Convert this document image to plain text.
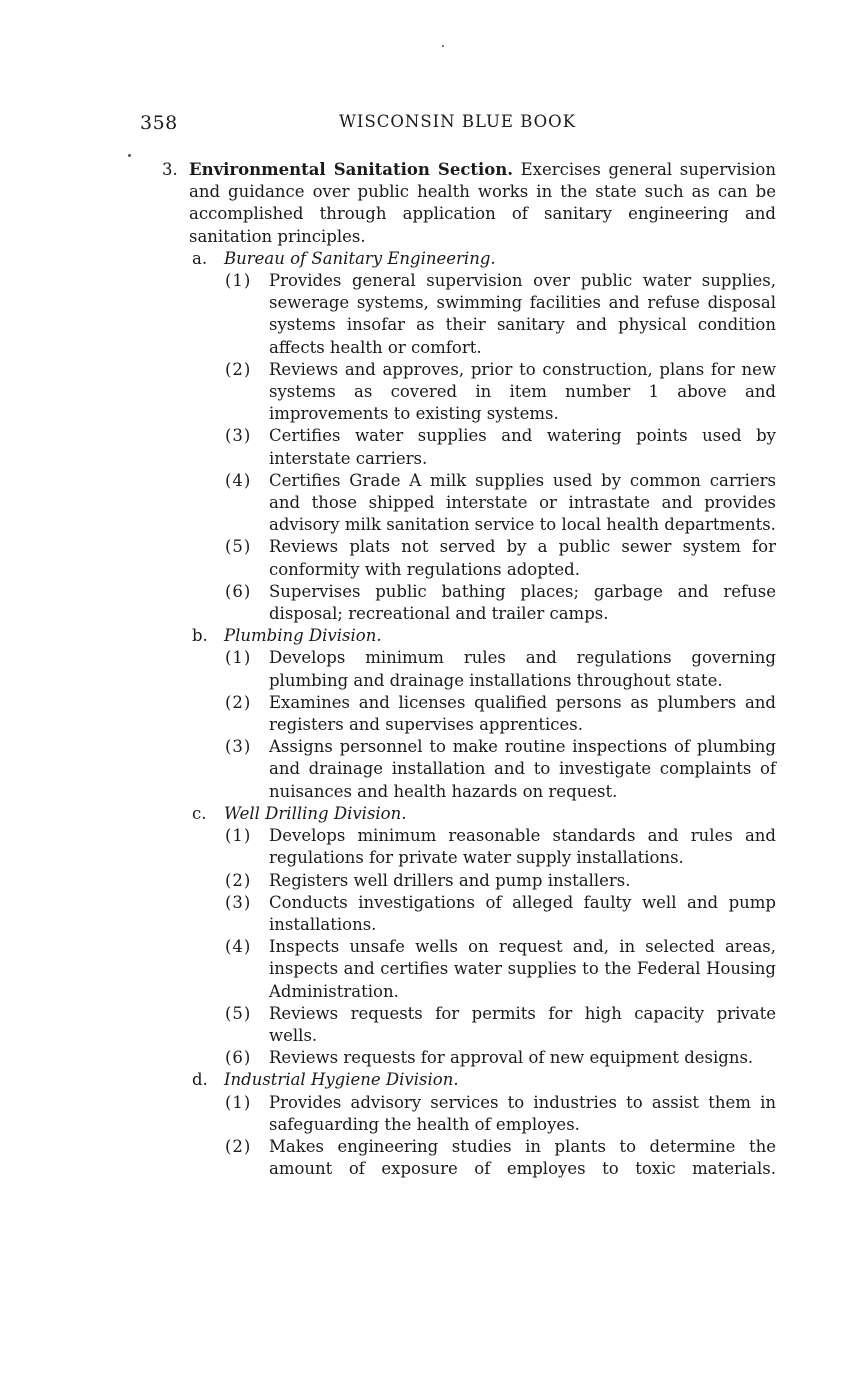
358	WISCONSIN BLUE BOOK

3. Environmental Sanitation Section. Exercises general supervision and guidance over public health works in the state such as can be accomplished through application of sanitary engineering and sanitation principles.

a. Bureau of Sanitary Engineering.

(1) Provides general supervision over public water supplies, sewerage systems, swimming facilities and refuse disposal systems insofar as their sanitary and physical condition affects health or comfort.

(2) Reviews and approves, prior to construction, plans for new systems as covered in item number 1 above and improvements to existing systems.

(3) Certifies water supplies and watering points used by interstate carriers.

(4) Certifies Grade A milk supplies used by common carriers and those shipped interstate or intrastate and provides advisory milk sanitation service to local health departments.

(5) Reviews plats not served by a public sewer system for conformity with regulations adopted.

(6) Supervises public bathing places; garbage and refuse disposal; recreational and trailer camps.

b. Plumbing Division.

(1) Develops minimum rules and regulations governing plumbing and drainage installations throughout state.

(2) Examines and licenses qualified persons as plumbers and registers and supervises apprentices.

(3) Assigns personnel to make routine inspections of plumbing and drainage installation and to investigate complaints of nuisances and health hazards on request.

c. Well Drilling Division.

(1) Develops minimum reasonable standards and rules and regulations for private water supply installations.

(2) Registers well drillers and pump installers.

(3) Conducts investigations of alleged faulty well and pump installations.

(4) Inspects unsafe wells on request and, in selected areas, inspects and certifies water supplies to the Federal Housing Administration.

(5) Reviews requests for permits for high capacity private wells.

(6) Reviews requests for approval of new equipment designs.

d. Industrial Hygiene Division.

(1) Provides advisory services to industries to assist them in safeguarding the health of employes.

(2) Makes engineering studies in plants to determine the amount of exposure of employes to toxic materials.
